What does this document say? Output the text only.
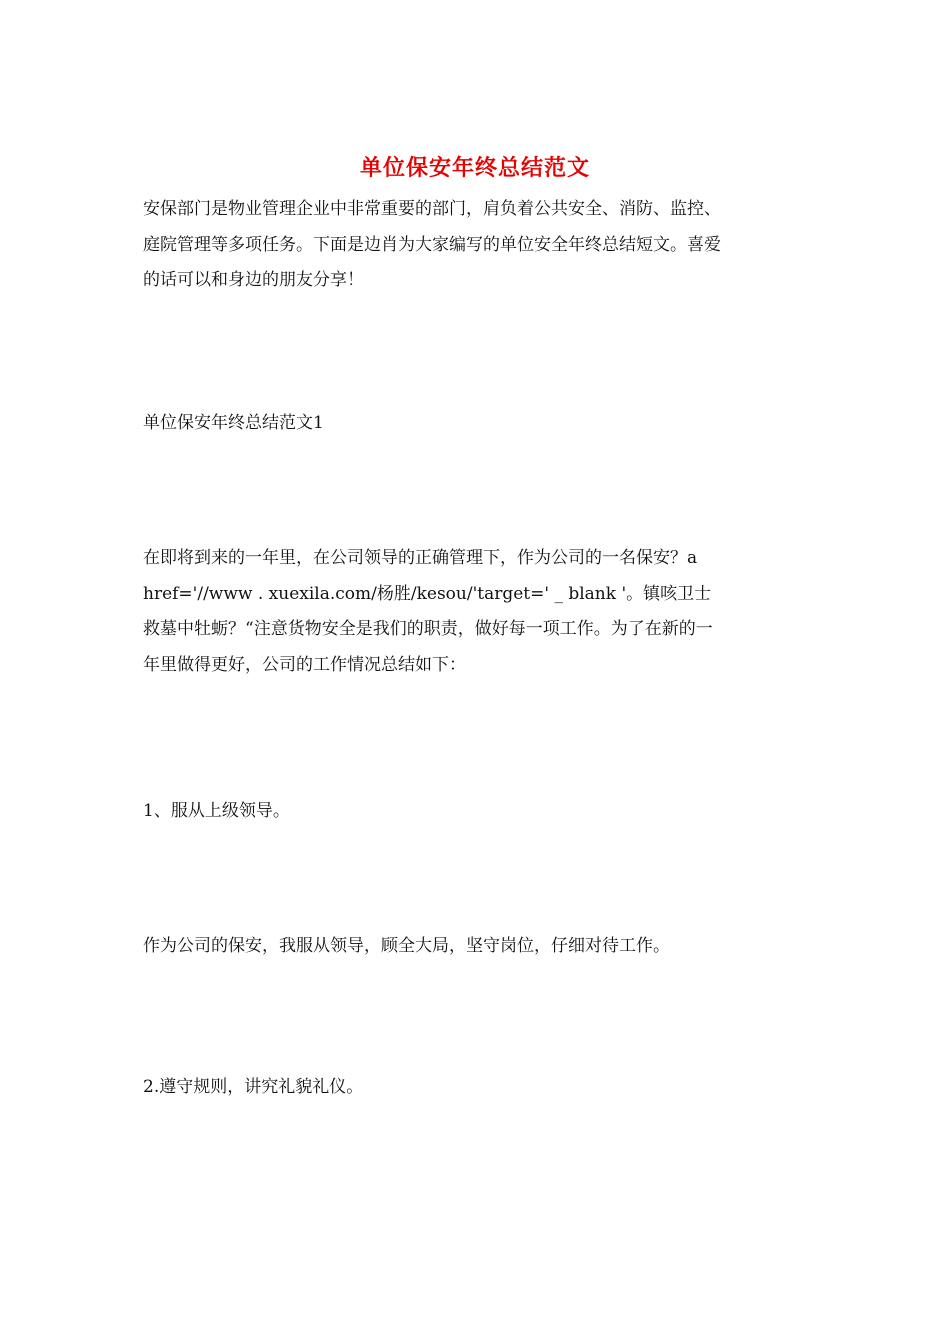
单位保安年终总结范文
安保部门是物业管理企业中非常重要的部门，肩负着公共安全、消防、监控、
庭院管理等多项任务。下面是边肖为大家编写的单位安全年终总结短文。喜爱
的话可以和身边的朋友分享！
单位保安年终总结范文1
在即将到来的一年里，在公司领导的正确管理下，作为公司的一名保安？a
href='//www . xuexila.com/杨胜/kesou/'target=' _ blank '。镇咳卫士
救墓中牡蛎？“注意货物安全是我们的职责，做好每一项工作。为了在新的一
年里做得更好，公司的工作情况总结如下：
1、服从上级领导。
作为公司的保安，我服从领导，顾全大局，坚守岗位，仔细对待工作。
2.遵守规则，讲究礼貌礼仪。
